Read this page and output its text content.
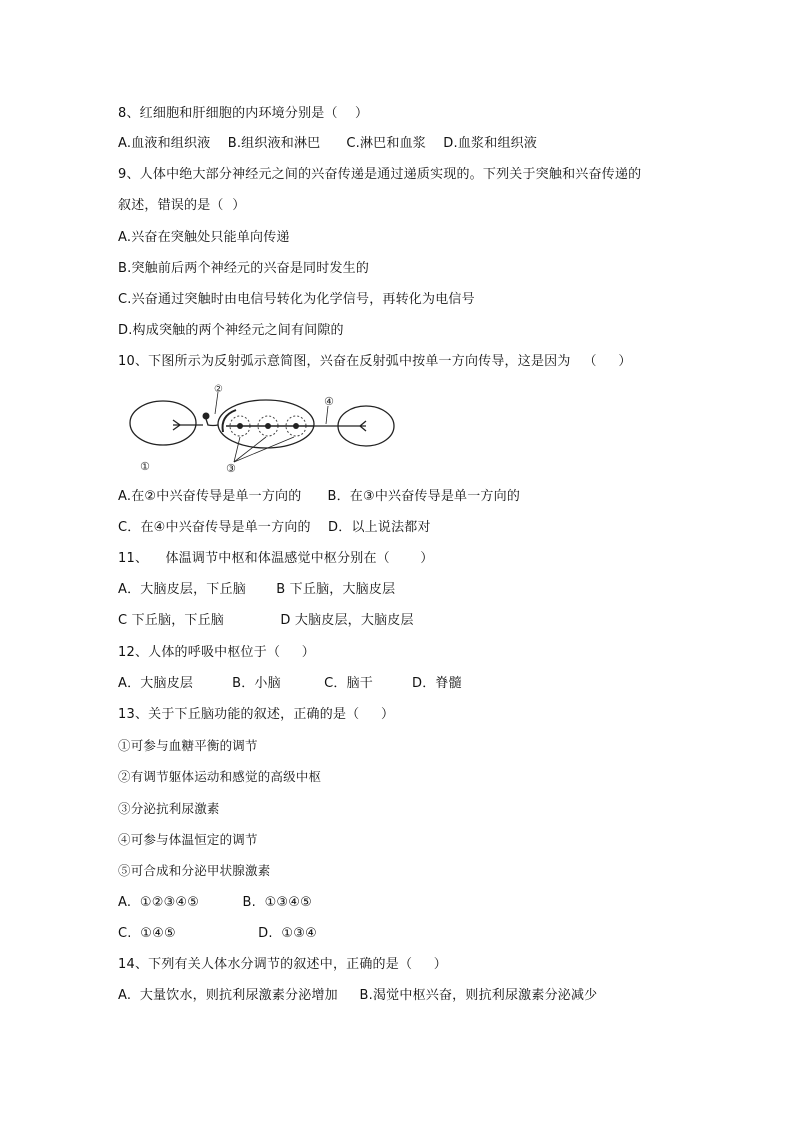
8、红细胞和肝细胞的内环境分别是（    ）
A.血液和组织液    B.组织液和淋巴      C.淋巴和血浆    D.血浆和组织液
9、人体中绝大部分神经元之间的兴奋传递是通过递质实现的。下列关于突触和兴奋传递的
叙述，错误的是（  ）
A.兴奋在突触处只能单向传递
B.突触前后两个神经元的兴奋是同时发生的
C.兴奋通过突触时由电信号转化为化学信号，再转化为电信号
D.构成突触的两个神经元之间有间隙的
10、下图所示为反射弧示意简图，兴奋在反射弧中按单一方向传导，这是因为   （     ）
①
②
③
④
A.在②中兴奋传导是单一方向的      B．在③中兴奋传导是单一方向的
C．在④中兴奋传导是单一方向的    D．以上说法都对
11、    体温调节中枢和体温感觉中枢分别在（       ）
A．大脑皮层，下丘脑       B 下丘脑，大脑皮层
C 下丘脑，下丘脑             D 大脑皮层，大脑皮层
12、人体的呼吸中枢位于（     ）
A．大脑皮层         B．小脑          C．脑干         D．脊髓
13、关于下丘脑功能的叙述，正确的是（     ）
①可参与血糖平衡的调节
②有调节躯体运动和感觉的高级中枢
③分泌抗利尿激素
④可参与体温恒定的调节
⑤可合成和分泌甲状腺激素
A.  ①②③④⑤          B.  ①③④⑤
C.  ①④⑤                   D.  ①③④
14、下列有关人体水分调节的叙述中，正确的是（     ）
A.  大量饮水，则抗利尿激素分泌增加     B.渴觉中枢兴奋，则抗利尿激素分泌减少
